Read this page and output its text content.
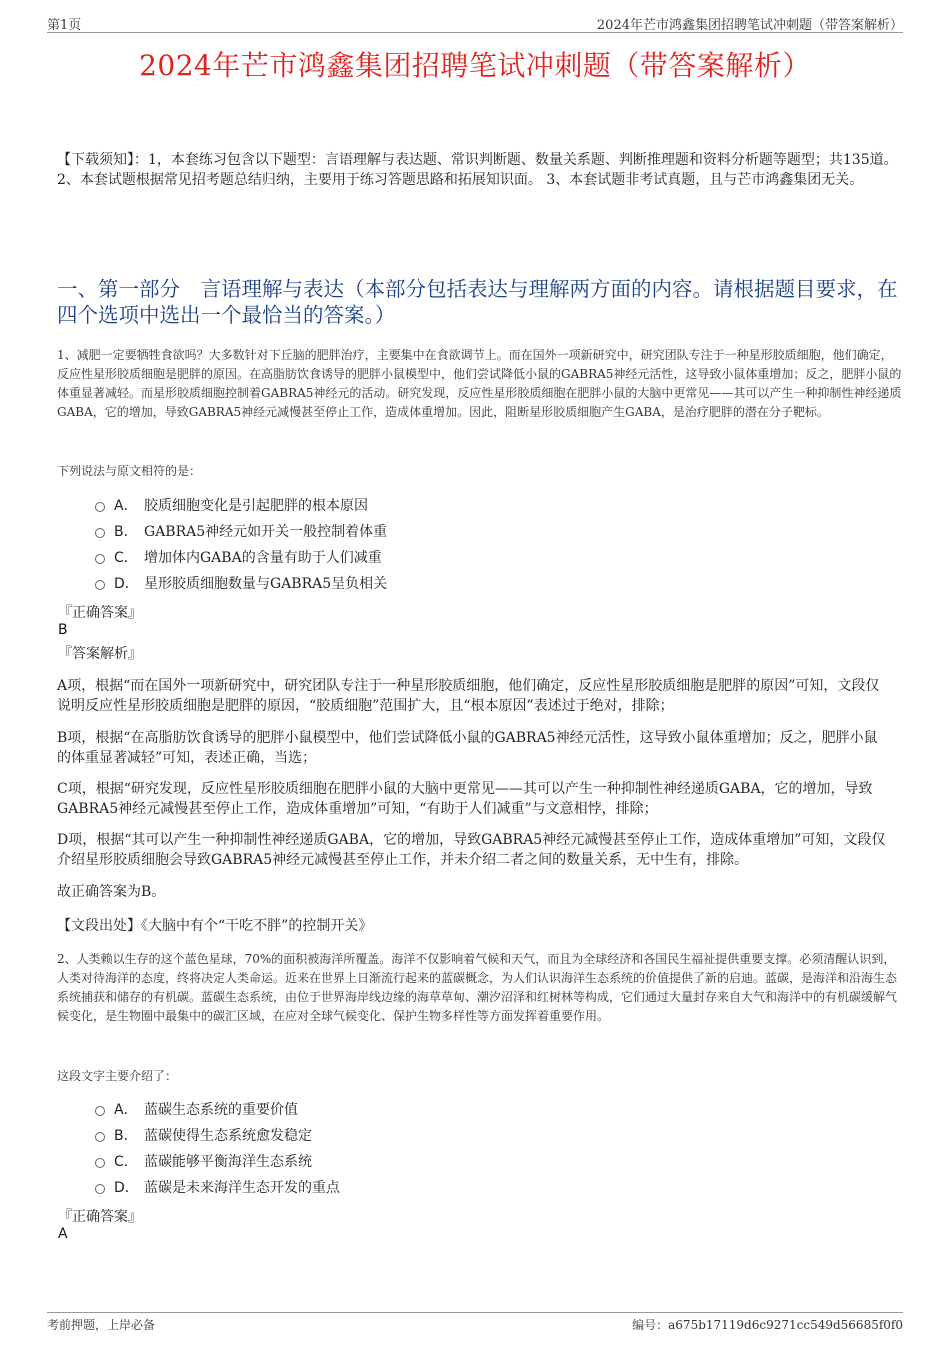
第1页	2024年芒市鸿鑫集团招聘笔试冲刺题（带答案解析）
2024年芒市鸿鑫集团招聘笔试冲刺题（带答案解析）
【下载须知】：1，本套练习包含以下题型：言语理解与表达题、常识判断题、数量关系题、判断推理题和资料分析题等题型；共135道。 2、本套试题根据常见招考题总结归纳，主要用于练习答题思路和拓展知识面。 3、本套试题非考试真题，且与芒市鸿鑫集团无关。
一、第一部分　言语理解与表达（本部分包括表达与理解两方面的内容。请根据题目要求，在四个选项中选出一个最恰当的答案。）
1、减肥一定要牺牲食欲吗？大多数针对下丘脑的肥胖治疗，主要集中在食欲调节上。而在国外一项新研究中，研究团队专注于一种星形胶质细胞，他们确定，反应性星形胶质细胞是肥胖的原因。在高脂肪饮食诱导的肥胖小鼠模型中，他们尝试降低小鼠的GABRA5神经元活性，这导致小鼠体重增加；反之，肥胖小鼠的体重显著减轻。而星形胶质细胞控制着GABRA5神经元的活动。研究发现，反应性星形胶质细胞在肥胖小鼠的大脑中更常见——其可以产生一种抑制性神经递质GABA，它的增加，导致GABRA5神经元减慢甚至停止工作，造成体重增加。因此，阻断星形胶质细胞产生GABA，是治疗肥胖的潜在分子靶标。
下列说法与原文相符的是：
A． 胶质细胞变化是引起肥胖的根本原因
B． GABRA5神经元如开关一般控制着体重
C． 增加体内GABA的含量有助于人们减重
D． 星形胶质细胞数量与GABRA5呈负相关
『正确答案』
B
『答案解析』
A项，根据“而在国外一项新研究中，研究团队专注于一种星形胶质细胞，他们确定，反应性星形胶质细胞是肥胖的原因”可知，文段仅说明反应性星形胶质细胞是肥胖的原因，“胶质细胞”范围扩大，且“根本原因”表述过于绝对，排除；
B项，根据“在高脂肪饮食诱导的肥胖小鼠模型中，他们尝试降低小鼠的GABRA5神经元活性，这导致小鼠体重增加；反之，肥胖小鼠的体重显著减轻”可知，表述正确，当选；
C项，根据“研究发现，反应性星形胶质细胞在肥胖小鼠的大脑中更常见——其可以产生一种抑制性神经递质GABA，它的增加，导致GABRA5神经元减慢甚至停止工作，造成体重增加”可知，“有助于人们减重”与文意相悖，排除；
D项，根据“其可以产生一种抑制性神经递质GABA，它的增加，导致GABRA5神经元减慢甚至停止工作，造成体重增加”可知，文段仅介绍星形胶质细胞会导致GABRA5神经元减慢甚至停止工作，并未介绍二者之间的数量关系，无中生有，排除。
故正确答案为B。
【文段出处】《大脑中有个“干吃不胖”的控制开关》
2、人类赖以生存的这个蓝色星球，70%的面积被海洋所覆盖。海洋不仅影响着气候和天气，而且为全球经济和各国民生福祉提供重要支撑。必须清醒认识到，人类对待海洋的态度，终将决定人类命运。近来在世界上日渐流行起来的蓝碳概念，为人们认识海洋生态系统的价值提供了新的启迪。蓝碳，是海洋和沿海生态系统捕获和储存的有机碳。蓝碳生态系统，由位于世界海岸线边缘的海草草甸、潮汐沼泽和红树林等构成，它们通过大量封存来自大气和海洋中的有机碳缓解气候变化，是生物圈中最集中的碳汇区域，在应对全球气候变化、保护生物多样性等方面发挥着重要作用。
这段文字主要介绍了：
A． 蓝碳生态系统的重要价值
B． 蓝碳使得生态系统愈发稳定
C． 蓝碳能够平衡海洋生态系统
D． 蓝碳是未来海洋生态开发的重点
『正确答案』
A
考前押题，上岸必备	编号：a675b17119d6c9271cc549d56685f0f0
